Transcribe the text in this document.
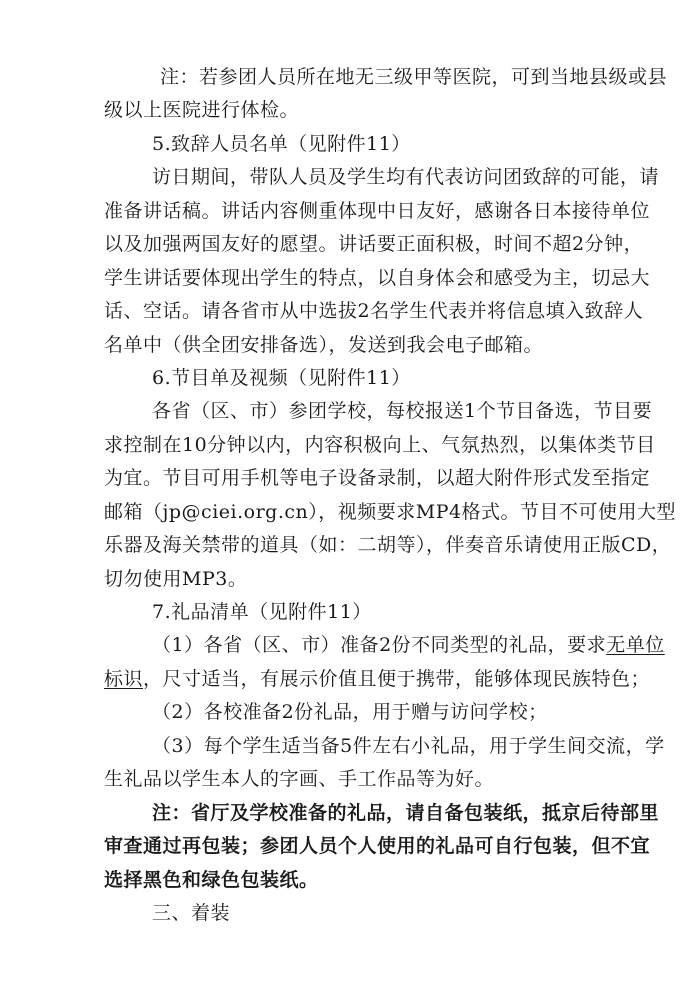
注：若参团人员所在地无三级甲等医院，可到当地县级或县
级以上医院进行体检。
5.致辞人员名单（见附件11）
访日期间，带队人员及学生均有代表访问团致辞的可能，请
准备讲话稿。讲话内容侧重体现中日友好，感谢各日本接待单位
以及加强两国友好的愿望。讲话要正面积极，时间不超2分钟，
学生讲话要体现出学生的特点，以自身体会和感受为主，切忌大
话、空话。请各省市从中选拔2名学生代表并将信息填入致辞人
名单中（供全团安排备选），发送到我会电子邮箱。
6.节目单及视频（见附件11）
各省（区、市）参团学校，每校报送1个节目备选，节目要
求控制在10分钟以内，内容积极向上、气氛热烈，以集体类节目
为宜。节目可用手机等电子设备录制，以超大附件形式发至指定
邮箱（jp@ciei.org.cn），视频要求MP4格式。节目不可使用大型
乐器及海关禁带的道具（如：二胡等），伴奏音乐请使用正版CD，
切勿使用MP3。
7.礼品清单（见附件11）
（1）各省（区、市）准备2份不同类型的礼品，要求无单位
标识，尺寸适当，有展示价值且便于携带，能够体现民族特色；
（2）各校准备2份礼品，用于赠与访问学校；
（3）每个学生适当备5件左右小礼品，用于学生间交流，学
生礼品以学生本人的字画、手工作品等为好。
注：省厅及学校准备的礼品，请自备包装纸，抵京后待部里
审查通过再包装；参团人员个人使用的礼品可自行包装，但不宜
选择黑色和绿色包装纸。
三、着装
